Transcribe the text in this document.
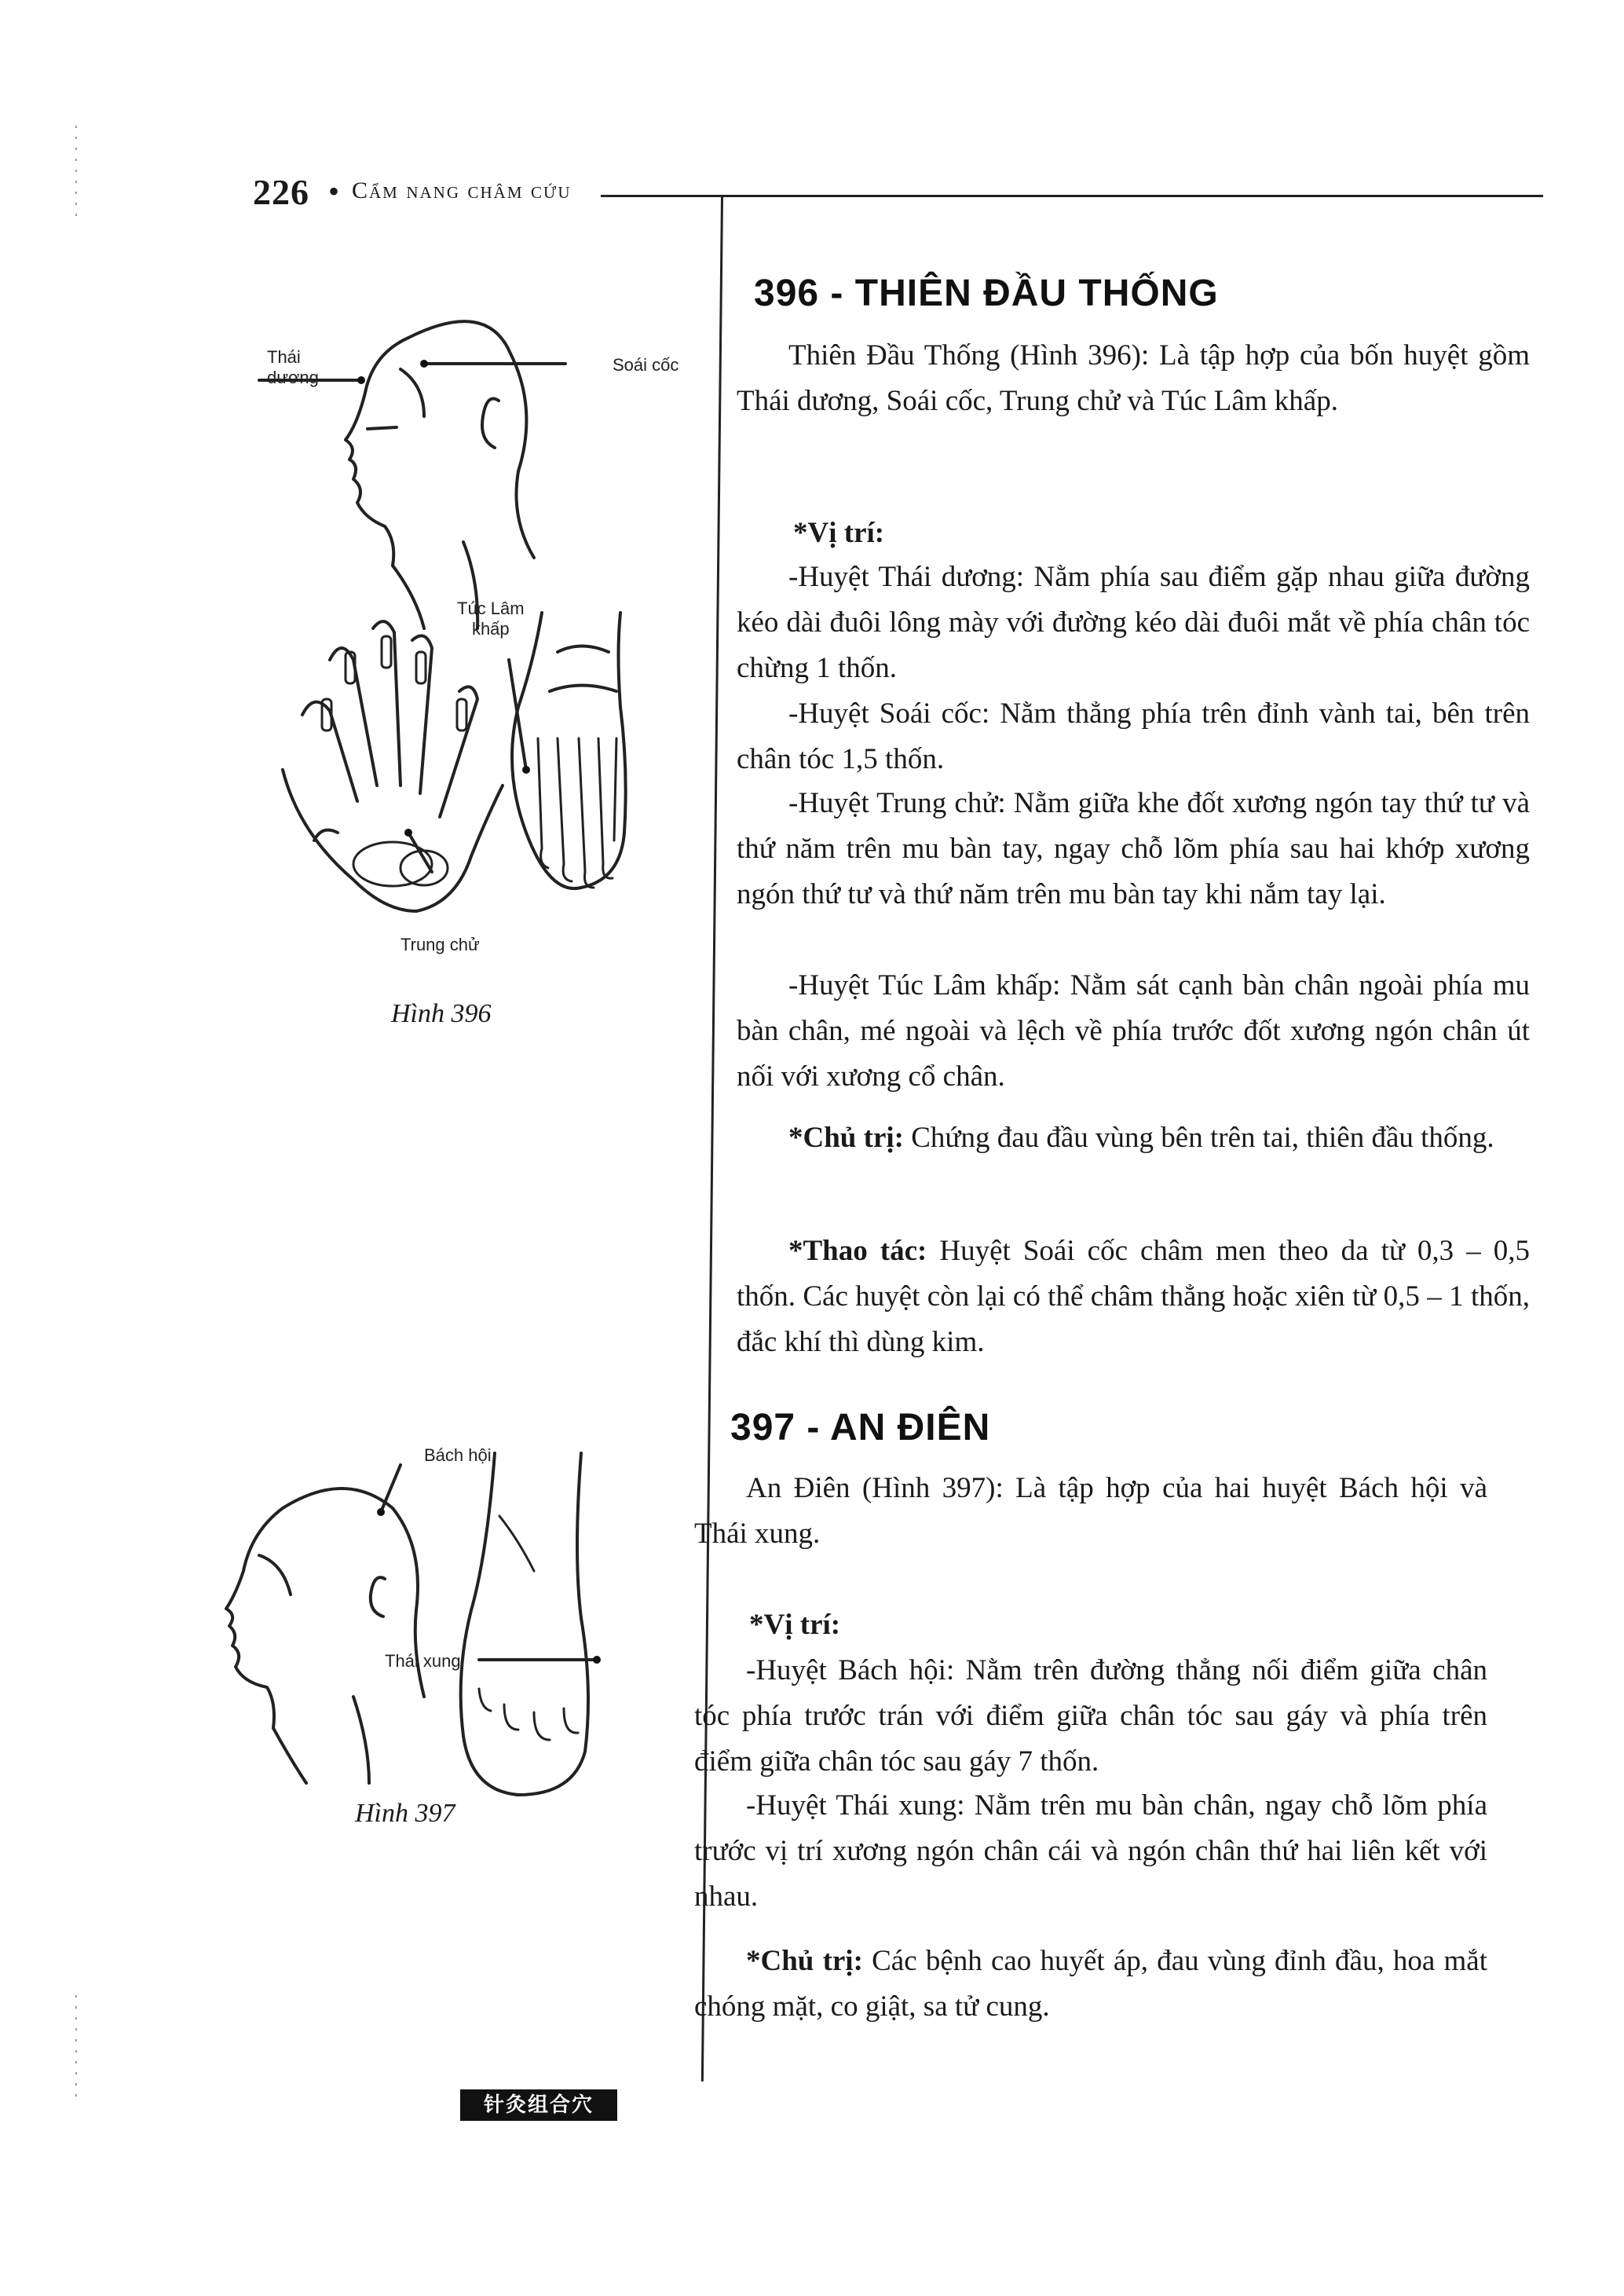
226 • Cẩm nang châm cứu
Thái
dương
Soái cốc
Túc Lâm
khấp
Trung chử
Hình 396
Bách hội
Thái xung
Hình 397
396 - THIÊN ĐẦU THỐNG
Thiên Đầu Thống (Hình 396): Là tập hợp của bốn huyệt gồm Thái dương, Soái cốc, Trung chử và Túc Lâm khấp.
*Vị trí:
-Huyệt Thái dương: Nằm phía sau điểm gặp nhau giữa đường kéo dài đuôi lông mày với đường kéo dài đuôi mắt về phía chân tóc chừng 1 thốn.
-Huyệt Soái cốc: Nằm thẳng phía trên đỉnh vành tai, bên trên chân tóc 1,5 thốn.
-Huyệt Trung chử: Nằm giữa khe đốt xương ngón tay thứ tư và thứ năm trên mu bàn tay, ngay chỗ lõm phía sau hai khớp xương ngón thứ tư và thứ năm trên mu bàn tay khi nắm tay lại.
-Huyệt Túc Lâm khấp: Nằm sát cạnh bàn chân ngoài phía mu bàn chân, mé ngoài và lệch về phía trước đốt xương ngón chân út nối với xương cổ chân.
*Chủ trị: Chứng đau đầu vùng bên trên tai, thiên đầu thống.
*Thao tác: Huyệt Soái cốc châm men theo da từ 0,3 – 0,5 thốn. Các huyệt còn lại có thể châm thẳng hoặc xiên từ 0,5 – 1 thốn, đắc khí thì dùng kim.
397 - AN ĐIÊN
An Điên (Hình 397): Là tập hợp của hai huyệt Bách hội và Thái xung.
*Vị trí:
-Huyệt Bách hội: Nằm trên đường thẳng nối điểm giữa chân tóc phía trước trán với điểm giữa chân tóc sau gáy và phía trên điểm giữa chân tóc sau gáy 7 thốn.
-Huyệt Thái xung: Nằm trên mu bàn chân, ngay chỗ lõm phía trước vị trí xương ngón chân cái và ngón chân thứ hai liên kết với nhau.
*Chủ trị: Các bệnh cao huyết áp, đau vùng đỉnh đầu, hoa mắt chóng mặt, co giật, sa tử cung.
针灸组合穴
